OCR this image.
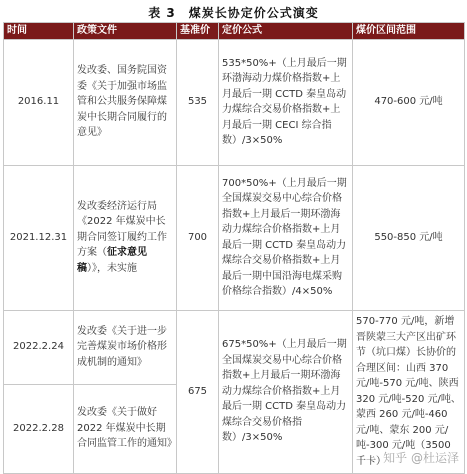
表 3　煤炭长协定价公式演变
时间	政策文件	基准价	定价公式	煤价区间范围
2016.11	发改委、国务院国资委《关于加强市场监管和公共服务保障煤炭中长期合同履行的意见》	535	535*50%+（上月最后一期环渤海动力煤价格指数+上月最后一期 CCTD 秦皇岛动力煤综合交易价格指数+上月最后一期 CECI 综合指数）/3×50%	470-600 元/吨
2021.12.31	发改委经济运行局《2022 年煤炭中长期合同签订履约工作方案（征求意见稿）》，未实施	700	700*50%+（上月最后一期全国煤炭交易中心综合价格指数+上月最后一期环渤海动力煤综合价格指数+上月最后一期 CCTD 秦皇岛动力煤综合交易价格指数+上月最后一期中国沿海电煤采购价格综合指数）/4×50%	550-850 元/吨
2022.2.24	发改委《关于进一步完善煤炭市场价格形成机制的通知》	675	675*50%+（上月最后一期全国煤炭交易中心综合价格指数+上月最后一期环渤海动力煤综合价格指数+上月最后一期 CCTD 秦皇岛动力煤综合交易价格指数）/3×50%	570-770 元/吨，新增晋陕蒙三大产区出矿环节（坑口煤）长协价的合理区间：山西 370 元/吨-570 元/吨、陕西 320 元/吨-520 元/吨、蒙西 260 元/吨-460 元/吨、蒙东 200 元/吨-300 元/吨（3500 千卡）
2022.2.28	发改委《关于做好 2022 年煤炭中长期合同监管工作的通知》			
知乎 @杜运泽
